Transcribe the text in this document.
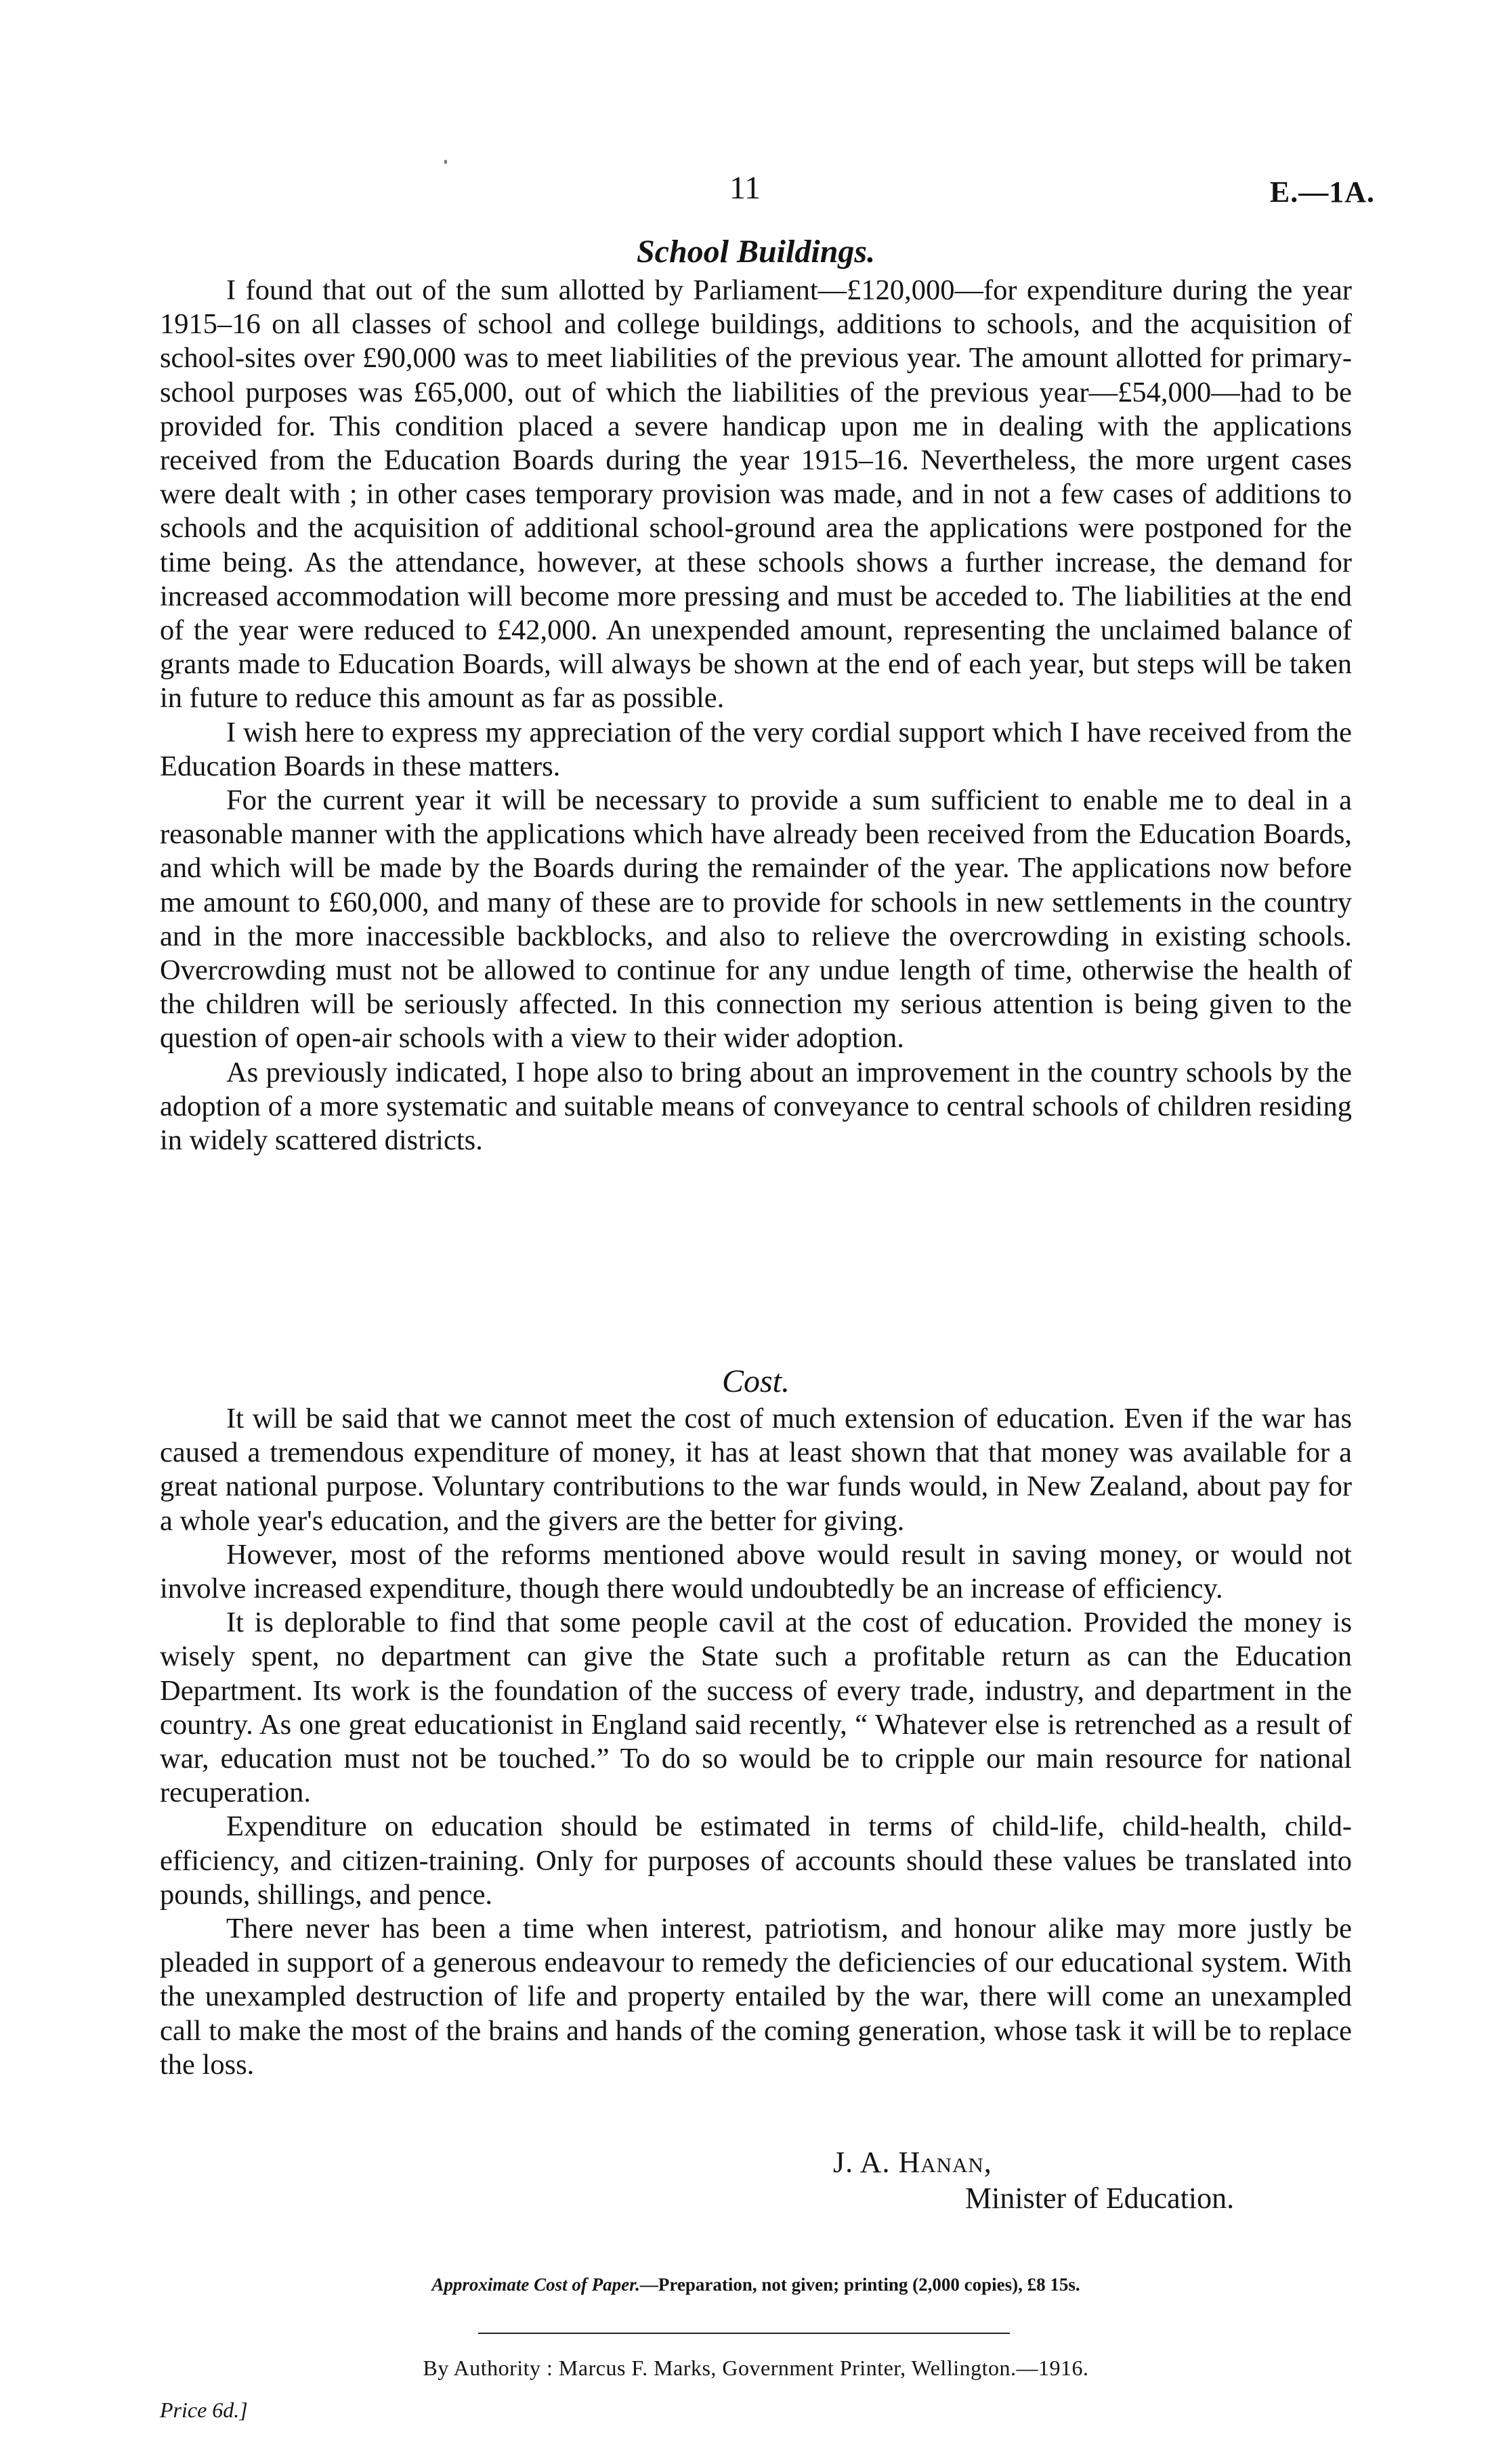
11	E.—1A.
School Buildings.

I found that out of the sum allotted by Parliament—£120,000—for expenditure during the year 1915–16 on all classes of school and college buildings, additions to schools, and the acquisition of school-sites over £90,000 was to meet liabilities of the previous year. The amount allotted for primary-school purposes was £65,000, out of which the liabilities of the previous year—£54,000—had to be provided for. This condition placed a severe handicap upon me in dealing with the applications received from the Education Boards during the year 1915–16. Nevertheless, the more urgent cases were dealt with ; in other cases temporary provision was made, and in not a few cases of additions to schools and the acquisition of additional school-ground area the applications were postponed for the time being. As the attendance, however, at these schools shows a further increase, the demand for increased accommodation will become more pressing and must be acceded to. The liabilities at the end of the year were reduced to £42,000. An unexpended amount, representing the unclaimed balance of grants made to Education Boards, will always be shown at the end of each year, but steps will be taken in future to reduce this amount as far as possible.

I wish here to express my appreciation of the very cordial support which I have received from the Education Boards in these matters.

For the current year it will be necessary to provide a sum sufficient to enable me to deal in a reasonable manner with the applications which have already been received from the Education Boards, and which will be made by the Boards during the remainder of the year. The applications now before me amount to £60,000, and many of these are to provide for schools in new settlements in the country and in the more inaccessible backblocks, and also to relieve the overcrowding in existing schools. Overcrowding must not be allowed to continue for any undue length of time, otherwise the health of the children will be seriously affected. In this connection my serious attention is being given to the question of open-air schools with a view to their wider adoption.

As previously indicated, I hope also to bring about an improvement in the country schools by the adoption of a more systematic and suitable means of conveyance to central schools of children residing in widely scattered districts.

Cost.

It will be said that we cannot meet the cost of much extension of education. Even if the war has caused a tremendous expenditure of money, it has at least shown that that money was available for a great national purpose. Voluntary contributions to the war funds would, in New Zealand, about pay for a whole year's education, and the givers are the better for giving.

However, most of the reforms mentioned above would result in saving money, or would not involve increased expenditure, though there would undoubtedly be an increase of efficiency.

It is deplorable to find that some people cavil at the cost of education. Provided the money is wisely spent, no department can give the State such a profitable return as can the Education Department. Its work is the foundation of the success of every trade, industry, and department in the country. As one great educationist in England said recently, “ Whatever else is retrenched as a result of war, education must not be touched.” To do so would be to cripple our main resource for national recuperation.

Expenditure on education should be estimated in terms of child-life, child-health, child-efficiency, and citizen-training. Only for purposes of accounts should these values be translated into pounds, shillings, and pence.

There never has been a time when interest, patriotism, and honour alike may more justly be pleaded in support of a generous endeavour to remedy the deficiencies of our educational system. With the unexampled destruction of life and property entailed by the war, there will come an unexampled call to make the most of the brains and hands of the coming generation, whose task it will be to replace the loss.

J. A. Hanan,
Minister of Education.
Approximate Cost of Paper.—Preparation, not given; printing (2,000 copies), £8 15s.
By Authority : Marcus F. Marks, Government Printer, Wellington.—1916.
Price 6d.]
